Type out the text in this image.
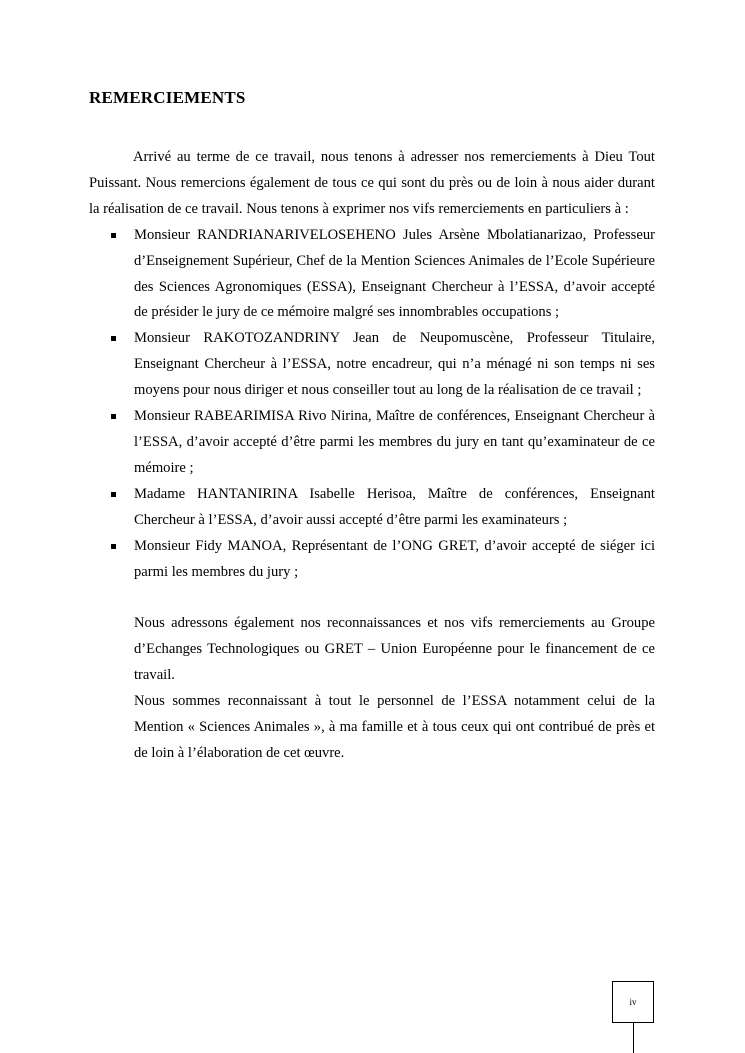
REMERCIEMENTS

Arrivé au terme de ce travail, nous tenons à adresser nos remerciements à Dieu Tout Puissant. Nous remercions également de tous ce qui sont du près ou de loin à nous aider durant la réalisation de ce travail. Nous tenons à exprimer nos vifs remerciements en particuliers à :

Monsieur RANDRIANARIVELOSEHENO Jules Arsène Mbolatianarizao, Professeur d’Enseignement Supérieur, Chef de la Mention Sciences Animales de l’Ecole Supérieure des Sciences Agronomiques (ESSA), Enseignant Chercheur à l’ESSA, d’avoir accepté de présider le jury de ce mémoire malgré ses innombrables occupations ;
Monsieur RAKOTOZANDRINY Jean de Neupomuscène, Professeur Titulaire, Enseignant Chercheur à l’ESSA, notre encadreur, qui n’a ménagé ni son temps ni ses moyens pour nous diriger et nous conseiller tout au long de la réalisation de ce travail ;
Monsieur RABEARIMISA Rivo Nirina, Maître de conférences, Enseignant Chercheur à l’ESSA, d’avoir accepté d’être parmi les membres du jury en tant qu’examinateur de ce mémoire ;
Madame HANTANIRINA Isabelle Herisoa, Maître de conférences, Enseignant Chercheur à l’ESSA, d’avoir aussi accepté d’être parmi les examinateurs ;
Monsieur Fidy MANOA, Représentant de l’ONG GRET, d’avoir accepté de siéger ici parmi les membres du jury ;

Nous adressons également nos reconnaissances et nos vifs remerciements au Groupe d’Echanges Technologiques ou GRET – Union Européenne pour le financement de ce travail.

Nous sommes reconnaissant à tout le personnel de l’ESSA notamment celui de la Mention « Sciences Animales », à ma famille et à tous ceux qui ont contribué de près et de loin à l’élaboration de cet œuvre.

iv
